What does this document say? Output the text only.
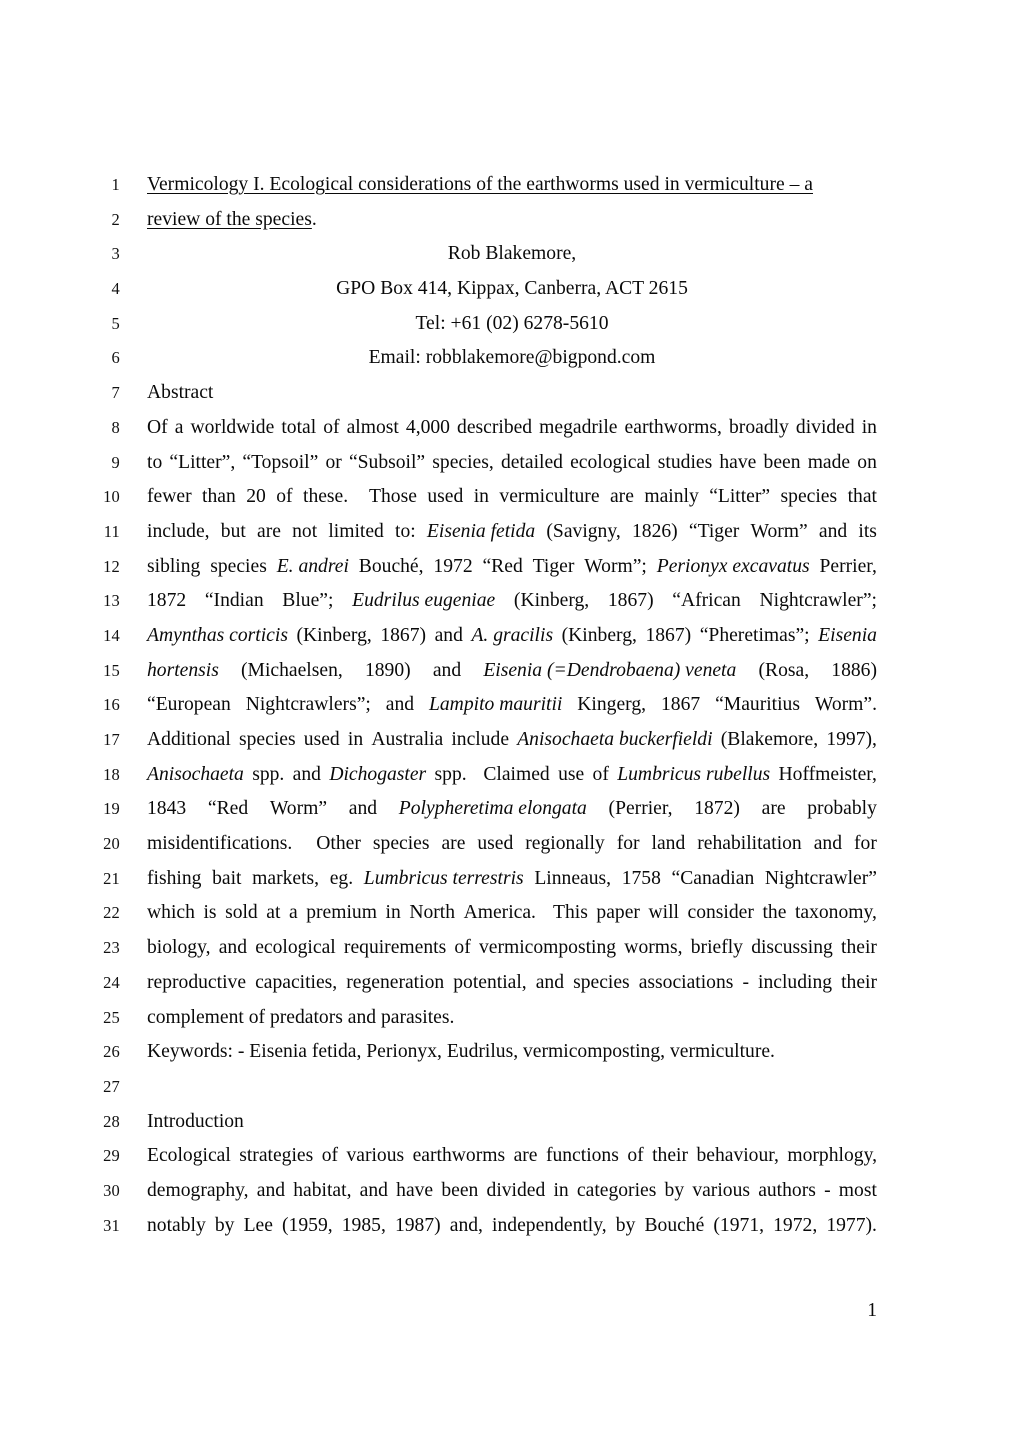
1 Vermicology I. Ecological considerations of the earthworms used in vermiculture – a
2 review of the species.
3	Rob Blakemore,
4	GPO Box 414, Kippax, Canberra, ACT 2615
5	Tel: +61 (02) 6278-5610
6	Email: robblakemore@bigpond.com
7 Abstract
8 Of a worldwide total of almost 4,000 described megadrile earthworms, broadly divided in
9 to “Litter”, “Topsoil” or “Subsoil” species, detailed ecological studies have been made on
10 fewer than 20 of these. Those used in vermiculture are mainly “Litter” species that
11 include, but are not limited to: Eisenia fetida (Savigny, 1826) “Tiger Worm” and its
12 sibling species E. andrei Bouché, 1972 “Red Tiger Worm”; Perionyx excavatus Perrier,
13 1872 “Indian Blue”; Eudrilus eugeniae (Kinberg, 1867) “African Nightcrawler”;
14 Amynthas corticis (Kinberg, 1867) and A. gracilis (Kinberg, 1867) “Pheretimas”; Eisenia
15 hortensis (Michaelsen, 1890) and Eisenia (=Dendrobaena) veneta (Rosa, 1886)
16 “European Nightcrawlers”; and Lampito mauritii Kingerg, 1867 “Mauritius Worm”.
17 Additional species used in Australia include Anisochaeta buckerfieldi (Blakemore, 1997),
18 Anisochaeta spp. and Dichogaster spp. Claimed use of Lumbricus rubellus Hoffmeister,
19 1843 “Red Worm” and Polypheretima elongata (Perrier, 1872) are probably
20 misidentifications. Other species are used regionally for land rehabilitation and for
21 fishing bait markets, eg. Lumbricus terrestris Linneaus, 1758 “Canadian Nightcrawler”
22 which is sold at a premium in North America. This paper will consider the taxonomy,
23 biology, and ecological requirements of vermicomposting worms, briefly discussing their
24 reproductive capacities, regeneration potential, and species associations - including their
25 complement of predators and parasites.
26 Keywords: - Eisenia fetida, Perionyx, Eudrilus, vermicomposting, vermiculture.
27
28 Introduction
29 Ecological strategies of various earthworms are functions of their behaviour, morphlogy,
30 demography, and habitat, and have been divided in categories by various authors - most
31 notably by Lee (1959, 1985, 1987) and, independently, by Bouché (1971, 1972, 1977).
1
